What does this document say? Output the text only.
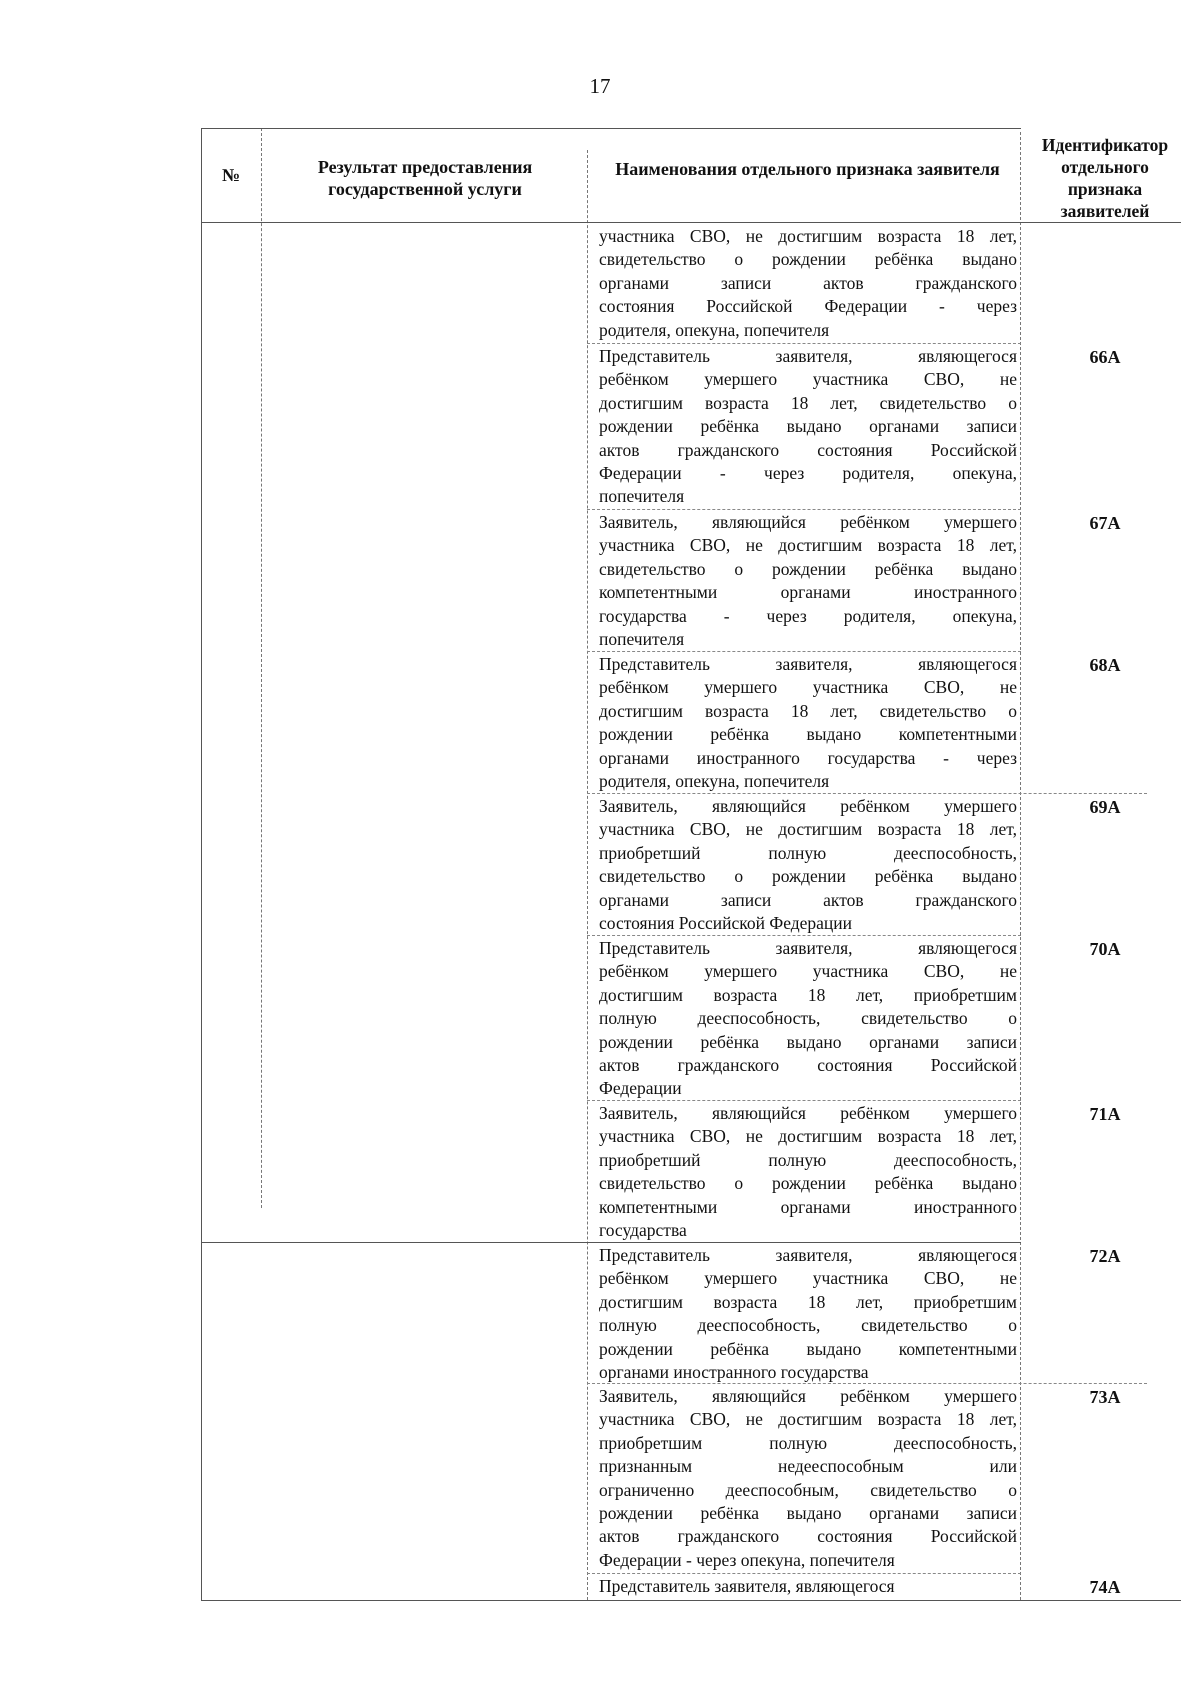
17
№	Результат предоставления государственной услуги
Наименования отдельного признака заявителя
Идентификатор отдельного признака заявителей

участника СВО, не достигшим возраста 18 лет,

свидетельство о рождении ребёнка выдано

органами записи актов гражданского

состояния Российской Федерации - через

родителя, опекуна, попечителя

Представитель заявителя, являющегося

ребёнком умершего участника СВО, не

достигшим возраста 18 лет, свидетельство о

рождении ребёнка выдано органами записи

актов гражданского состояния Российской

Федерации - через родителя, опекуна,

попечителя

66А

Заявитель, являющийся ребёнком умершего

участника СВО, не достигшим возраста 18 лет,

свидетельство о рождении ребёнка выдано

компетентными органами иностранного

государства - через родителя, опекуна,

попечителя

67А

Представитель заявителя, являющегося

ребёнком умершего участника СВО, не

достигшим возраста 18 лет, свидетельство о

рождении ребёнка выдано компетентными

органами иностранного государства - через

родителя, опекуна, попечителя

68А

Заявитель, являющийся ребёнком умершего

участника СВО, не достигшим возраста 18 лет,

приобретший полную дееспособность,

свидетельство о рождении ребёнка выдано

органами записи актов гражданского

состояния Российской Федерации

69А

Представитель заявителя, являющегося

ребёнком умершего участника СВО, не

достигшим возраста 18 лет, приобретшим

полную дееспособность, свидетельство о

рождении ребёнка выдано органами записи

актов гражданского состояния Российской

Федерации

70А

Заявитель, являющийся ребёнком умершего

участника СВО, не достигшим возраста 18 лет,

приобретший полную дееспособность,

свидетельство о рождении ребёнка выдано

компетентными органами иностранного

государства

71А

Представитель заявителя, являющегося

ребёнком умершего участника СВО, не

достигшим возраста 18 лет, приобретшим

полную дееспособность, свидетельство о

рождении ребёнка выдано компетентными

органами иностранного государства

72А

Заявитель, являющийся ребёнком умершего

участника СВО, не достигшим возраста 18 лет,

приобретшим полную дееспособность,

признанным недееспособным или

ограниченно дееспособным, свидетельство о

рождении ребёнка выдано органами записи

актов гражданского состояния Российской

Федерации - через опекуна, попечителя

73А

Представитель заявителя, являющегося	74А
